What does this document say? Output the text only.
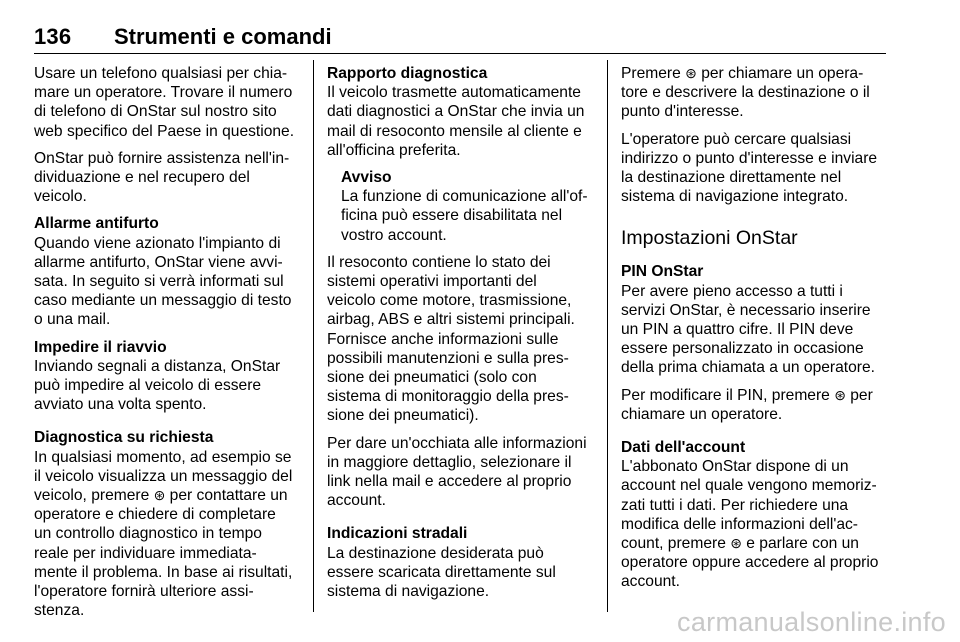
136 Strumenti e comandi
Usare un telefono qualsiasi per chia-
mare un operatore. Trovare il numero
di telefono di OnStar sul nostro sito
web specifico del Paese in questione.
OnStar può fornire assistenza nell'in-
dividuazione e nel recupero del
veicolo.
Allarme antifurto
Quando viene azionato l'impianto di
allarme antifurto, OnStar viene avvi-
sata. In seguito si verrà informati sul
caso mediante un messaggio di testo
o una mail.
Impedire il riavvio
Inviando segnali a distanza, OnStar
può impedire al veicolo di essere
avviato una volta spento.
Diagnostica su richiesta
In qualsiasi momento, ad esempio se
il veicolo visualizza un messaggio del
veicolo, premere ⊛ per contattare un
operatore e chiedere di completare
un controllo diagnostico in tempo
reale per individuare immediata-
mente il problema. In base ai risultati,
l'operatore fornirà ulteriore assi-
stenza.
Rapporto diagnostica
Il veicolo trasmette automaticamente
dati diagnostici a OnStar che invia un
mail di resoconto mensile al cliente e
all'officina preferita.
Avviso
La funzione di comunicazione all'of-
ficina può essere disabilitata nel
vostro account.
Il resoconto contiene lo stato dei
sistemi operativi importanti del
veicolo come motore, trasmissione,
airbag, ABS e altri sistemi principali.
Fornisce anche informazioni sulle
possibili manutenzioni e sulla pres-
sione dei pneumatici (solo con
sistema di monitoraggio della pres-
sione dei pneumatici).
Per dare un'occhiata alle informazioni
in maggiore dettaglio, selezionare il
link nella mail e accedere al proprio
account.
Indicazioni stradali
La destinazione desiderata può
essere scaricata direttamente sul
sistema di navigazione.
Premere ⊛ per chiamare un opera-
tore e descrivere la destinazione o il
punto d'interesse.
L'operatore può cercare qualsiasi
indirizzo o punto d'interesse e inviare
la destinazione direttamente nel
sistema di navigazione integrato.
Impostazioni OnStar
PIN OnStar
Per avere pieno accesso a tutti i
servizi OnStar, è necessario inserire
un PIN a quattro cifre. Il PIN deve
essere personalizzato in occasione
della prima chiamata a un operatore.
Per modificare il PIN, premere ⊛ per
chiamare un operatore.
Dati dell'account
L'abbonato OnStar dispone di un
account nel quale vengono memoriz-
zati tutti i dati. Per richiedere una
modifica delle informazioni dell'ac-
count, premere ⊛ e parlare con un
operatore oppure accedere al proprio
account.
carmanualsonline.info
